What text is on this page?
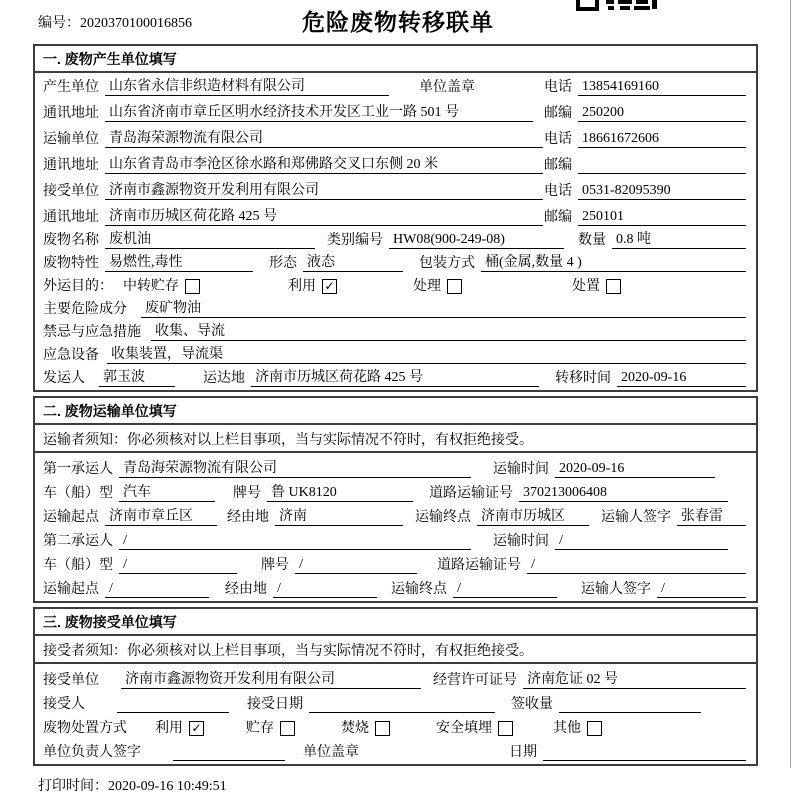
编号：2020370100016856	危险废物转移联单
一. 废物产生单位填写
产生单位 山东省永信非织造材料有限公司	单位盖章	电话 13854169160
通讯地址 山东省济南市章丘区明水经济技术开发区工业一路 501 号	邮编 250200
运输单位 青岛海荣源物流有限公司	电话 18661672606
通讯地址 山东省青岛市李沧区徐水路和郑佛路交叉口东侧 20 米	邮编
接受单位 济南市鑫源物资开发利用有限公司	电话 0531-82095390
通讯地址 济南市历城区荷花路 425 号	邮编 250101
废物名称 废机油	类别编号 HW08(900-249-08)	数量 0.8 吨
废物特性 易燃性,毒性	形态 液态	包装方式 桶(金属,数量 4 )
外运目的： 中转贮存	利用 ✓	处理	处置
主要危险成分 废矿物油
禁忌与应急措施 收集、导流
应急设备 收集装置，导流渠
发运人 郭玉波	运达地 济南市历城区荷花路 425 号	转移时间 2020-09-16
二. 废物运输单位填写
运输者须知：你必须核对以上栏目事项，当与实际情况不符时，有权拒绝接受。
第一承运人 青岛海荣源物流有限公司	运输时间 2020-09-16
车（船）型 汽车	牌号 鲁 UK8120	道路运输证号 370213006408
运输起点 济南市章丘区	经由地 济南	运输终点 济南市历城区	运输人签字 张春雷
第二承运人 /	运输时间 /
车（船）型 /	牌号 /	道路运输证号 /
运输起点 /	经由地 /	运输终点 /	运输人签字 /
三. 废物接受单位填写
接受者须知：你必须核对以上栏目事项，当与实际情况不符时，有权拒绝接受。
接受单位 济南市鑫源物资开发利用有限公司	经营许可证号 济南危证 02 号
接受人	接受日期	签收量
废物处置方式 利用 ✓	贮存	焚烧	安全填埋	其他
单位负责人签字	单位盖章	日期
打印时间：2020-09-16 10:49:51
